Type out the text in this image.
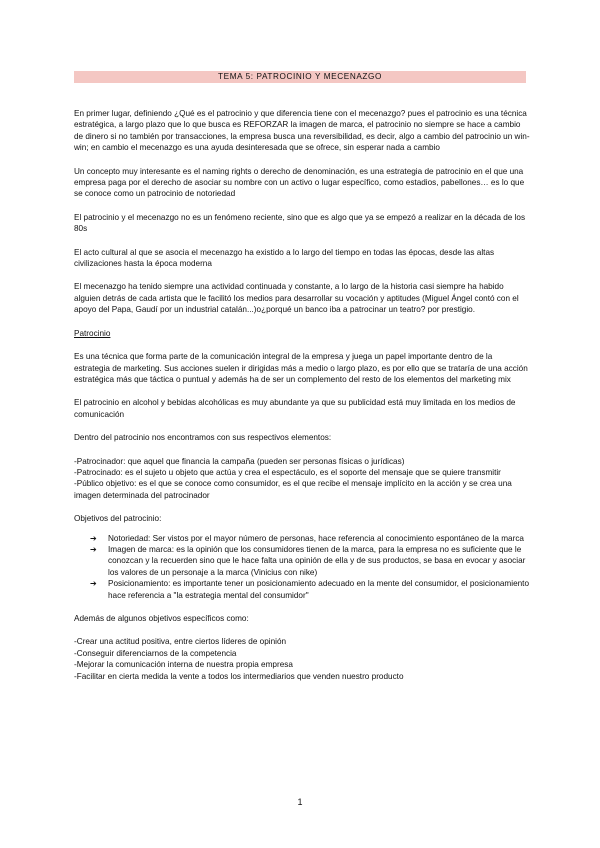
TEMA 5: PATROCINIO Y MECENAZGO

En primer lugar, definiendo ¿Qué es el patrocinio y que diferencia tiene con el mecenazgo? pues el patrocinio es una técnica estratégica, a largo plazo que lo que busca es REFORZAR la imagen de marca, el patrocinio no siempre se hace a cambio de dinero si no también por transacciones, la empresa busca una reversibilidad, es decir, algo a cambio del patrocinio un win-win; en cambio el mecenazgo es una ayuda desinteresada que se ofrece, sin esperar nada a cambio

Un concepto muy interesante es el naming rights o derecho de denominación, es una estrategia de patrocinio en el que una empresa paga por el derecho de asociar su nombre con un activo o lugar específico, como estadios, pabellones… es lo que se conoce como un patrocinio de notoriedad

El patrocinio y el mecenazgo no es un fenómeno reciente, sino que es algo que ya se empezó a realizar en la década de los 80s

El acto cultural al que se asocia el mecenazgo ha existido a lo largo del tiempo en todas las épocas, desde las altas civilizaciones hasta la época moderna

El mecenazgo ha tenido siempre una actividad continuada y constante, a lo largo de la historia casi siempre ha habido alguien detrás de cada artista que le facilitó los medios para desarrollar su vocación y aptitudes (Miguel Ángel contó con el apoyo del Papa, Gaudí por un industrial catalán...)o¿porqué un banco iba a patrocinar un teatro? por prestigio.

Patrocinio

Es una técnica que forma parte de la comunicación integral de la empresa y juega un papel importante dentro de la estrategia de marketing. Sus acciones suelen ir dirigidas más a medio o largo plazo, es por ello que se trataría de una acción estratégica más que táctica o puntual y además ha de ser un complemento del resto de los elementos del marketing mix

El patrocinio en alcohol y bebidas alcohólicas es muy abundante ya que su publicidad está muy limitada en los medios de comunicación

Dentro del patrocinio nos encontramos con sus respectivos elementos:

-Patrocinador: que aquel que financia la campaña (pueden ser personas físicas o jurídicas)

-Patrocinado: es el sujeto u objeto que actúa y crea el espectáculo, es el soporte del mensaje que se quiere transmitir

-Público objetivo: es el que se conoce como consumidor, es el que recibe el mensaje implícito en la acción y se crea una imagen determinada del patrocinador

Objetivos del patrocinio:

➔ Notoriedad: Ser vistos por el mayor número de personas, hace referencia al conocimiento espontáneo de la marca
➔ Imagen de marca: es la opinión que los consumidores tienen de la marca, para la empresa no es suficiente que le conozcan y la recuerden sino que le hace falta una opinión de ella y de sus productos, se basa en evocar y asociar los valores de un personaje a la marca (Vinicius con nike)
➔ Posicionamiento: es importante tener un posicionamiento adecuado en la mente del consumidor, el posicionamiento hace referencia a "la estrategia mental del consumidor"

Además de algunos objetivos específicos como:

-Crear una actitud positiva, entre ciertos líderes de opinión

-Conseguir diferenciarnos de la competencia

-Mejorar la comunicación interna de nuestra propia empresa

-Facilitar en cierta medida la vente a todos los intermediarios que venden nuestro producto

1
